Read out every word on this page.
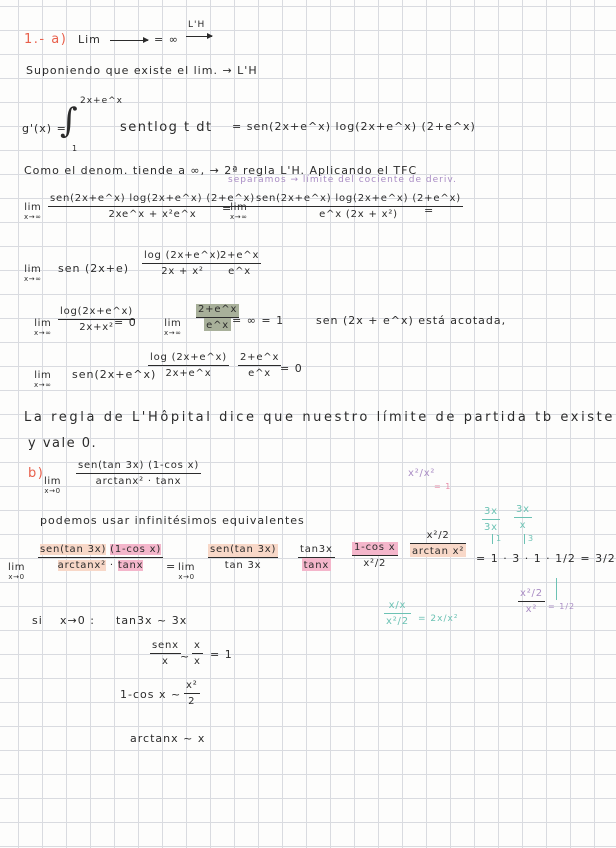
1.- a) Lim	= ∞
L'H
Suponiendo que existe el lim. → L'H
g'(x) =
∫ 2x+e^x
1
sentlog t dt = sen(2x+e^x) log(2x+e^x) (2+e^x)
Como el denom. tiende a ∞, → 2ª regla L'H. Aplicando el TFC
separamos → límite del cociente de deriv.
lim
x→∞
sen(2x+e^x) log(2x+e^x) (2+e^x)
2xe^x + x²e^x =
lim
x→∞
sen(2x+e^x) log(2x+e^x) (2+e^x)
e^x (2x + x²) =
lim
x→∞
sen (2x+e)
log (2x+e^x)
2x + x²
2+e^x
e^x
lim
x→∞
log(2x+e^x)
2x+x² = 0	lim
x→∞
2+e^x
e^x = ∞ = 1	sen (2x + e^x) está acotada,
lim
x→∞
sen(2x+e^x)
log (2x+e^x)
2x+e^x
2+e^x
e^x = 0
La regla de L'Hôpital dice que nuestro límite de partida tb existe
y vale 0.
b)
lim
x→0
sen(tan 3x) (1-cos x)
arctanx² · tanx
podemos usar infinitésimos equivalentes
lim
x→0
sen(tan 3x) (1-cos x)
arctanx² · tanx = lim
x→0
sen(tan 3x)
tan 3x
tan3x
tanx
1-cos x
x²/2
x²/2
arctan x²
= 1 · 3 · 1 · 1/2 = 3/2
si x→0 : tan3x ~ 3x
senx
x ~
x
x
= 1
1-cos x ~
x²
2
arctanx ~ x
x²/x²
= 1
3x
3x
3x
x
1	3
x/x
x²/2 = 2x/x²
x²/2
x² = 1/2
